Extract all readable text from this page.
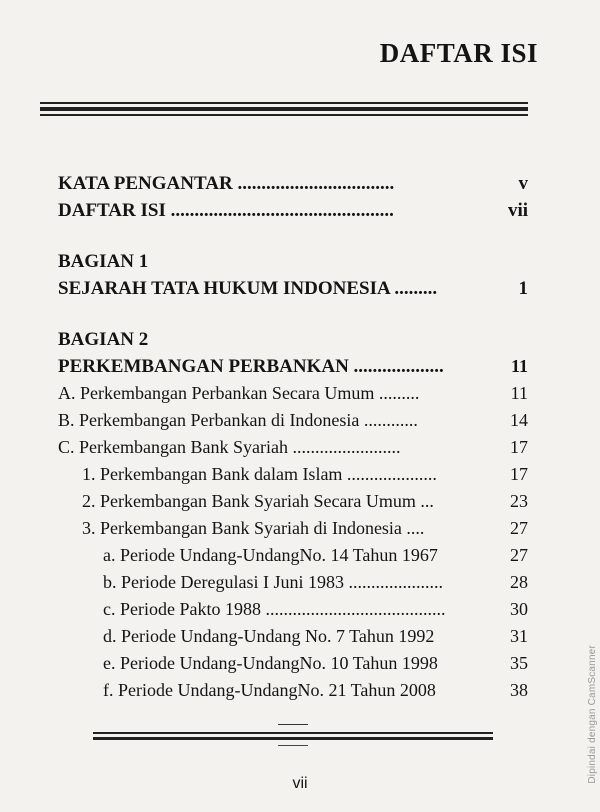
DAFTAR ISI
KATA PENGANTAR .................................	v
DAFTAR ISI ...............................................	vii
BAGIAN 1
SEJARAH TATA HUKUM INDONESIA .........	1
BAGIAN 2
PERKEMBANGAN PERBANKAN ...................	11
A. Perkembangan Perbankan Secara Umum .........	11
B. Perkembangan Perbankan di Indonesia ............	14
C. Perkembangan Bank Syariah ........................	17
1. Perkembangan Bank dalam Islam ....................	17
2. Perkembangan Bank Syariah Secara Umum ...	23
3. Perkembangan Bank Syariah di Indonesia ....	27
a. Periode Undang-UndangNo. 14 Tahun 1967	27
b. Periode Deregulasi I Juni 1983 .....................	28
c. Periode Pakto 1988 ........................................	30
d. Periode Undang-Undang No. 7 Tahun 1992	31
e. Periode Undang-UndangNo. 10 Tahun 1998	35
f. Periode Undang-UndangNo. 21 Tahun 2008	38
vii	Dipindai dengan CamScanner
